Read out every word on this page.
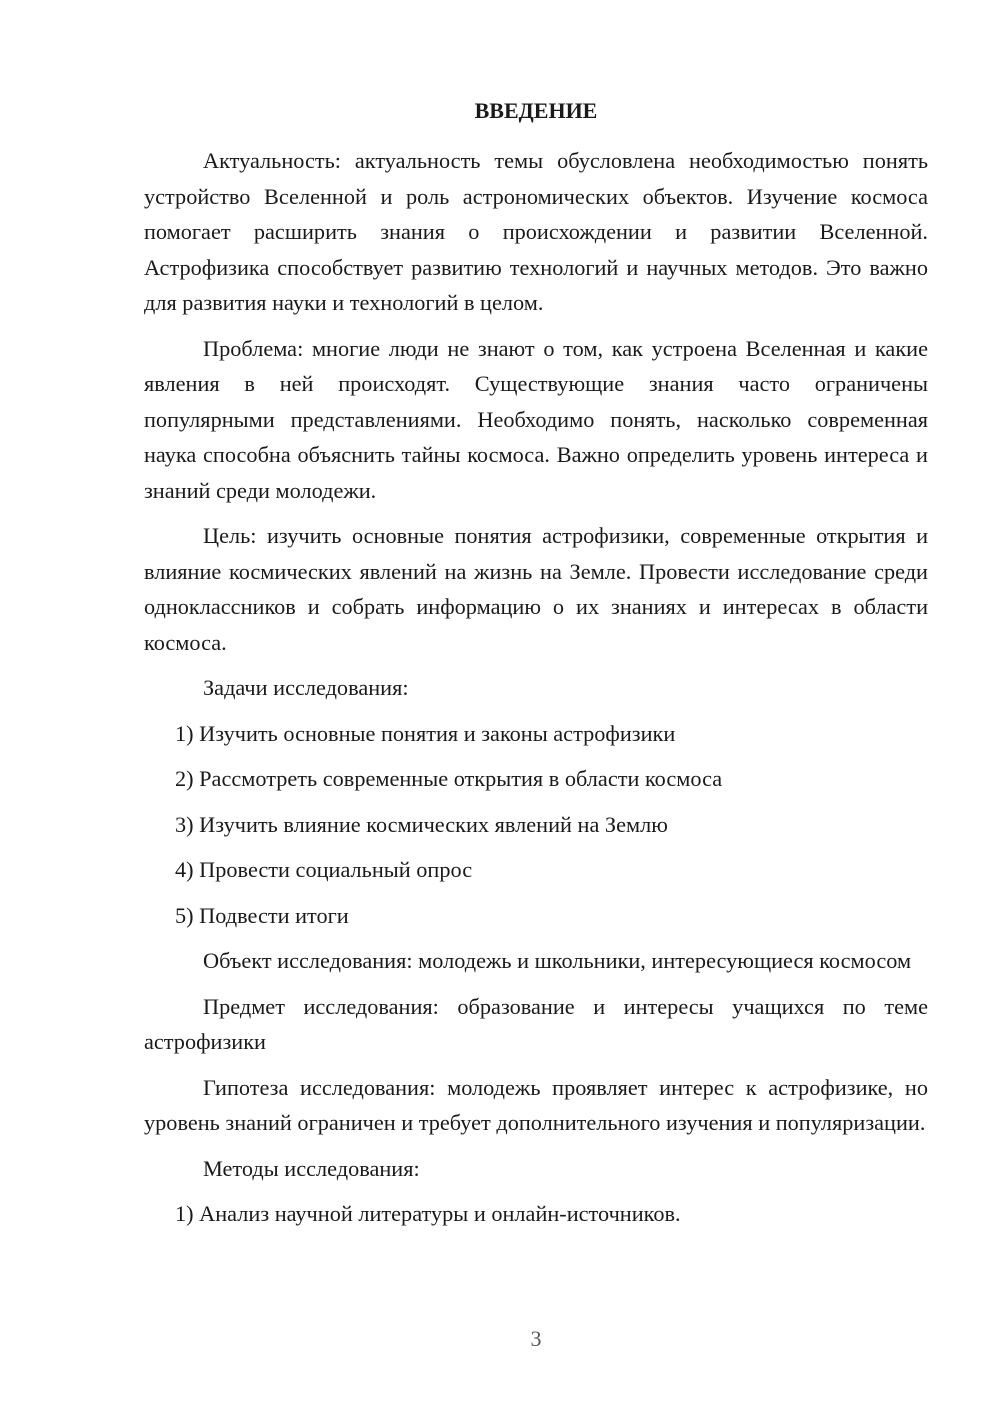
ВВЕДЕНИЕ

Актуальность: актуальность темы обусловлена необходимостью понять устройство Вселенной и роль астрономических объектов. Изучение космоса помогает расширить знания о происхождении и развитии Вселенной. Астрофизика способствует развитию технологий и научных методов. Это важно для развития науки и технологий в целом.

Проблема: многие люди не знают о том, как устроена Вселенная и какие явления в ней происходят. Существующие знания часто ограничены популярными представлениями. Необходимо понять, насколько современная наука способна объяснить тайны космоса. Важно определить уровень интереса и знаний среди молодежи.

Цель: изучить основные понятия астрофизики, современные открытия и влияние космических явлений на жизнь на Земле. Провести исследование среди одноклассников и собрать информацию о их знаниях и интересах в области космоса.

Задачи исследования:

1) Изучить основные понятия и законы астрофизики
2) Рассмотреть современные открытия в области космоса
3) Изучить влияние космических явлений на Землю
4) Провести социальный опрос
5) Подвести итоги

Объект исследования: молодежь и школьники, интересующиеся космосом

Предмет исследования: образование и интересы учащихся по теме астрофизики

Гипотеза исследования: молодежь проявляет интерес к астрофизике, но уровень знаний ограничен и требует дополнительного изучения и популяризации.

Методы исследования:

1) Анализ научной литературы и онлайн-источников.
3
